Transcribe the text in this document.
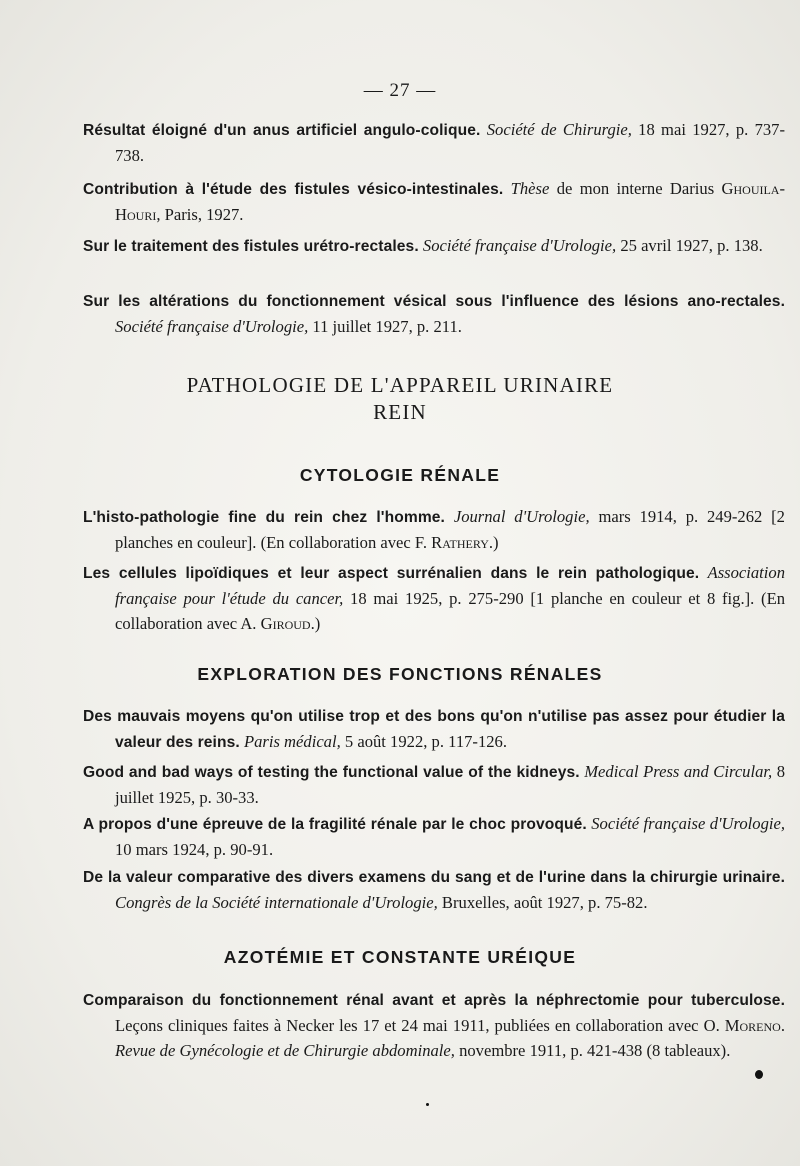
— 27 —
Résultat éloigné d'un anus artificiel angulo-colique. Société de Chirurgie, 18 mai 1927, p. 737-738.
Contribution à l'étude des fistules vésico-intestinales. Thèse de mon interne Darius Ghouila-Houri, Paris, 1927.
Sur le traitement des fistules urétro-rectales. Société française d'Urologie, 25 avril 1927, p. 138.
Sur les altérations du fonctionnement vésical sous l'influence des lésions ano-rectales. Société française d'Urologie, 11 juillet 1927, p. 211.
PATHOLOGIE DE L'APPAREIL URINAIRE
REIN
CYTOLOGIE RÉNALE
L'histo-pathologie fine du rein chez l'homme. Journal d'Urologie, mars 1914, p. 249-262 [2 planches en couleur]. (En collaboration avec F. Rathery.)
Les cellules lipoïdiques et leur aspect surrénalien dans le rein pathologique. Association française pour l'étude du cancer, 18 mai 1925, p. 275-290 [1 planche en couleur et 8 fig.]. (En collaboration avec A. Giroud.)
EXPLORATION DES FONCTIONS RÉNALES
Des mauvais moyens qu'on utilise trop et des bons qu'on n'utilise pas assez pour étudier la valeur des reins. Paris médical, 5 août 1922, p. 117-126.
Good and bad ways of testing the functional value of the kidneys. Medical Press and Circular, 8 juillet 1925, p. 30-33.
A propos d'une épreuve de la fragilité rénale par le choc provoqué. Société française d'Urologie, 10 mars 1924, p. 90-91.
De la valeur comparative des divers examens du sang et de l'urine dans la chirurgie urinaire. Congrès de la Société internationale d'Urologie, Bruxelles, août 1927, p. 75-82.
AZOTÉMIE ET CONSTANTE URÉIQUE
Comparaison du fonctionnement rénal avant et après la néphrectomie pour tuberculose. Leçons cliniques faites à Necker les 17 et 24 mai 1911, publiées en collaboration avec O. Moreno. Revue de Gynécologie et de Chirurgie abdominale, novembre 1911, p. 421-438 (8 tableaux).
